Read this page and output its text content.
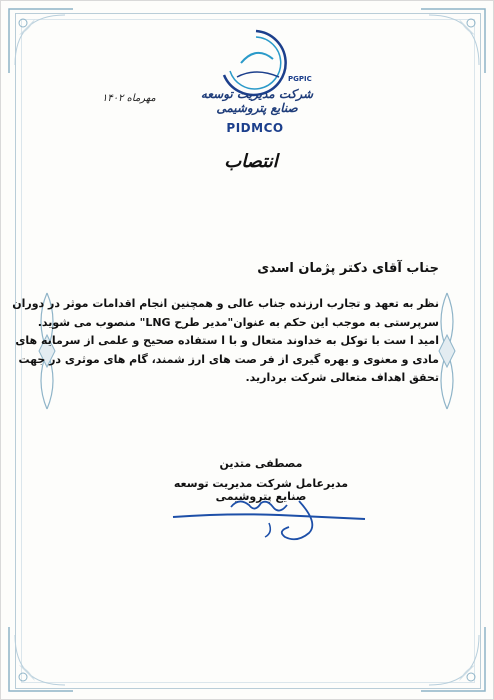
PGPIC
شرکت مدیریت توسعه صنایع پتروشیمی
PIDMCO
مهرماه ۱۴۰۲
انتصاب
جناب آقای دکتر پژمان اسدی

نظر به تعهد و تجارب ارزنده جناب عالی و همچنین انجام اقدامات موثر در دوران

سرپرستی به موجب این حکم به عنوان"مدیر طرح LNG" منصوب می شوید.

امید ا ست با توکل به خداوند متعال و با ا ستفاده صحیح و علمی از سرمایه های

مادی و معنوی و بهره گیری از فر صت های ارز شمند، گام های موثری در جهت

تحقق اهداف متعالی شرکت بردارید.

مصطفی متدین
مدیرعامل شرکت مدیریت توسعه صنایع پتروشیمی
